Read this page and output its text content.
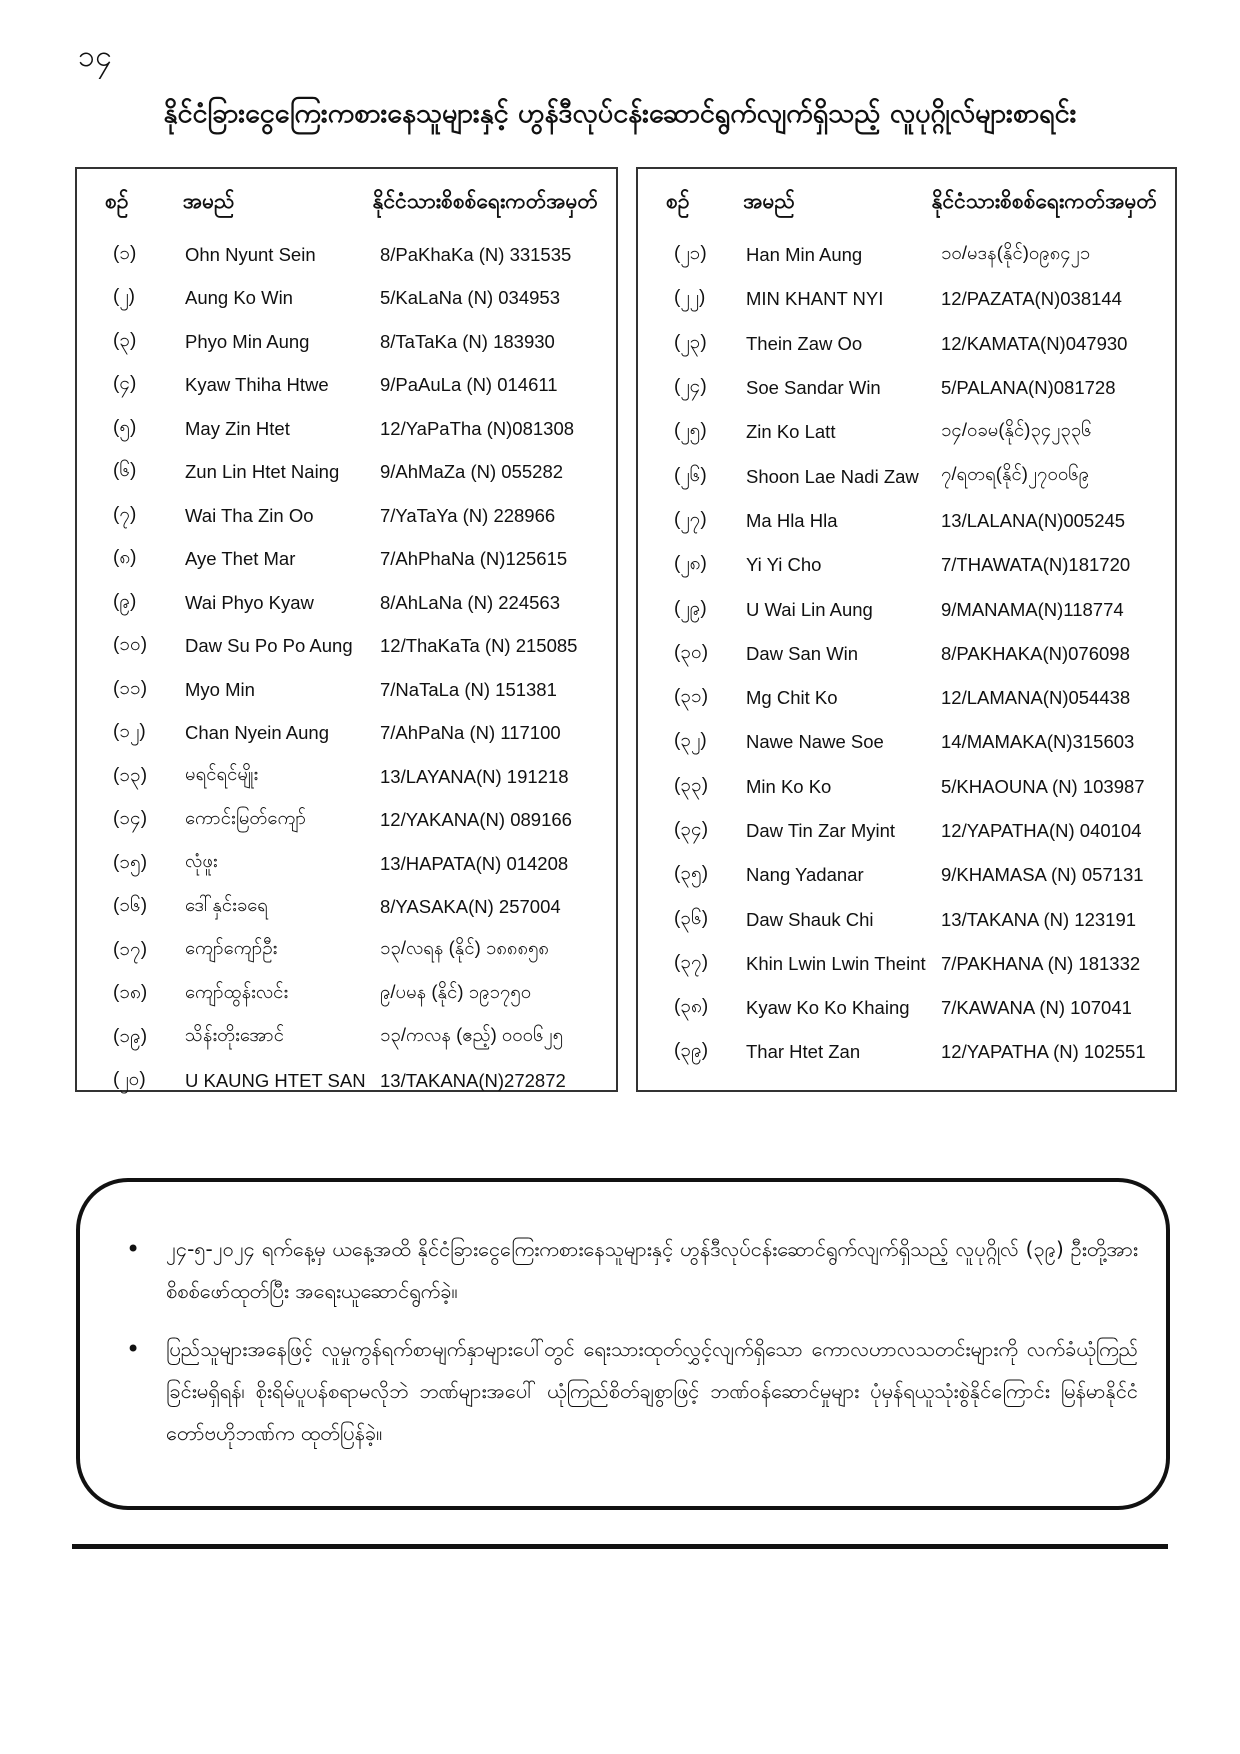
၁၄
နိုင်ငံခြားငွေကြေးကစားနေသူများနှင့် ဟွန်ဒီလုပ်ငန်းဆောင်ရွက်လျက်ရှိသည့် လူပုဂ္ဂိုလ်များစာရင်း
စဉ်	အမည်	နိုင်ငံသားစိစစ်ရေးကတ်အမှတ်
(၁)	Ohn Nyunt Sein	8/PaKhaKa (N) 331535
(၂)	Aung Ko Win	5/KaLaNa (N) 034953
(၃)	Phyo Min Aung	8/TaTaKa (N) 183930
(၄)	Kyaw Thiha Htwe	9/PaAuLa (N) 014611
(၅)	May Zin Htet	12/YaPaTha (N)081308
(၆)	Zun Lin Htet Naing	9/AhMaZa (N) 055282
(၇)	Wai Tha Zin Oo	7/YaTaYa (N) 228966
(၈)	Aye Thet Mar	7/AhPhaNa (N)125615
(၉)	Wai Phyo Kyaw	8/AhLaNa (N) 224563
(၁၀)	Daw Su Po Po Aung	12/ThaKaTa (N) 215085
(၁၁)	Myo Min	7/NaTaLa (N) 151381
(၁၂)	Chan Nyein Aung	7/AhPaNa (N) 117100
(၁၃)	မရင်ရင်မျိုး	13/LAYANA(N) 191218
(၁၄)	ကောင်းမြတ်ကျော်	12/YAKANA(N) 089166
(၁၅)	လုံဖူး	13/HAPATA(N) 014208
(၁၆)	ဒေါ်နှင်းခရေ	8/YASAKA(N) 257004
(၁၇)	ကျော်ကျော်ဦး	၁၃/လရန (နိုင်) ၁၈၈၈၅၈
(၁၈)	ကျော်ထွန်းလင်း	၉/ပမန (နိုင်) ၁၉၁၇၅၀
(၁၉)	သိန်းတိုးအောင်	၁၃/ကလန (ဧည့်) ၀၀၀၆၂၅
(၂၀)	U KAUNG HTET SAN 13/TAKANA(N)272872
စဉ်	အမည်	နိုင်ငံသားစိစစ်ရေးကတ်အမှတ်
(၂၁)	Han Min Aung	၁၀/မဒန(နိုင်)၀၉၈၄၂၁
(၂၂)	MIN KHANT NYI	12/PAZATA(N)038144
(၂၃)	Thein Zaw Oo	12/KAMATA(N)047930
(၂၄)	Soe Sandar Win	5/PALANA(N)081728
(၂၅)	Zin Ko Latt	၁၄/ဝခမ(နိုင်)၃၄၂၃၃၆
(၂၆)	Shoon Lae Nadi Zaw	၇/ရတရ(နိုင်)၂၇၀၀၆၉
(၂၇)	Ma Hla Hla	13/LALANA(N)005245
(၂၈)	Yi Yi Cho	7/THAWATA(N)181720
(၂၉)	U Wai Lin Aung	9/MANAMA(N)118774
(၃၀)	Daw San Win	8/PAKHAKA(N)076098
(၃၁)	Mg Chit Ko	12/LAMANA(N)054438
(၃၂)	Nawe Nawe Soe	14/MAMAKA(N)315603
(၃၃)	Min Ko Ko	5/KHAOUNA (N) 103987
(၃၄)	Daw Tin Zar Myint	12/YAPATHA(N) 040104
(၃၅)	Nang Yadanar	9/KHAMASA (N) 057131
(၃၆)	Daw Shauk Chi	13/TAKANA (N) 123191
(၃၇)	Khin Lwin Lwin Theint 7/PAKHANA (N) 181332
(၃၈)	Kyaw Ko Ko Khaing	7/KAWANA (N) 107041
(၃၉)	Thar Htet Zan	12/YAPATHA (N) 102551
• ၂၄-၅-၂၀၂၄ ရက်နေ့မှ ယနေ့အထိ နိုင်ငံခြားငွေကြေးကစားနေသူများနှင့် ဟွန်ဒီလုပ်ငန်းဆောင်ရွက်လျက်ရှိသည့် လူပုဂ္ဂိုလ် (၃၉) ဦးတို့အား စိစစ်ဖော်ထုတ်ပြီး အရေးယူဆောင်ရွက်ခဲ့။
• ပြည်သူများအနေဖြင့် လူမှုကွန်ရက်စာမျက်နှာများပေါ်တွင် ရေးသားထုတ်လွှင့်လျက်ရှိသော ကောလဟာလသတင်းများကို လက်ခံယုံကြည်ခြင်းမရှိရန်၊ စိုးရိမ်ပူပန်စရာမလိုဘဲ ဘဏ်များအပေါ် ယုံကြည်စိတ်ချစွာဖြင့် ဘဏ်ဝန်ဆောင်မှုများ ပုံမှန်ရယူသုံးစွဲနိုင်ကြောင်း မြန်မာနိုင်ငံတော်ဗဟိုဘဏ်က ထုတ်ပြန်ခဲ့။
